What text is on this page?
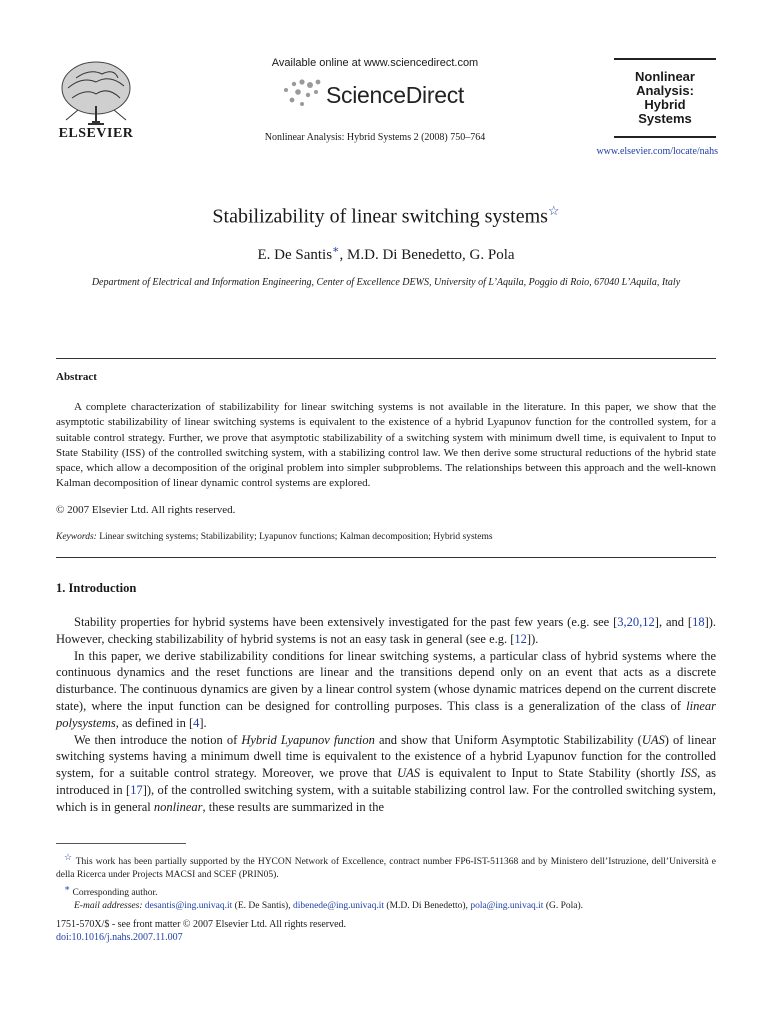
ELSEVIER
Available online at www.sciencedirect.com
ScienceDirect
Nonlinear Analysis: Hybrid Systems 2 (2008) 750–764
Nonlinear
Analysis:
Hybrid
Systems
www.elsevier.com/locate/nahs
Stabilizability of linear switching systems☆
E. De Santis∗, M.D. Di Benedetto, G. Pola
Department of Electrical and Information Engineering, Center of Excellence DEWS, University of L’Aquila, Poggio di Roio, 67040 L’Aquila, Italy
Abstract
A complete characterization of stabilizability for linear switching systems is not available in the literature. In this paper, we show that the asymptotic stabilizability of linear switching systems is equivalent to the existence of a hybrid Lyapunov function for the controlled system, for a suitable control strategy. Further, we prove that asymptotic stabilizability of a switching system with minimum dwell time, is equivalent to Input to State Stability (ISS) of the controlled switching system, with a stabilizing control law. We then derive some structural reductions of the hybrid state space, which allow a decomposition of the original problem into simpler subproblems. The relationships between this approach and the well-known Kalman decomposition of linear dynamic control systems are explored.
© 2007 Elsevier Ltd. All rights reserved.
Keywords: Linear switching systems; Stabilizability; Lyapunov functions; Kalman decomposition; Hybrid systems
1. Introduction

Stability properties for hybrid systems have been extensively investigated for the past few years (e.g. see [3,20,12], and [18]). However, checking stabilizability of hybrid systems is not an easy task in general (see e.g. [12]).

In this paper, we derive stabilizability conditions for linear switching systems, a particular class of hybrid systems where the continuous dynamics and the reset functions are linear and the transitions depend only on an event that acts as a discrete disturbance. The continuous dynamics are given by a linear control system (whose dynamic matrices depend on the current discrete state), where the input function can be designed for controlling purposes. This class is a generalization of the class of linear polysystems, as defined in [4].

We then introduce the notion of Hybrid Lyapunov function and show that Uniform Asymptotic Stabilizability (UAS) of linear switching systems having a minimum dwell time is equivalent to the existence of a hybrid Lyapunov function for the controlled system, for a suitable control strategy. Moreover, we prove that UAS is equivalent to Input to State Stability (shortly ISS, as introduced in [17]), of the controlled switching system, with a suitable stabilizing control law. For the controlled switching system, which is in general nonlinear, these results are summarized in the

☆ This work has been partially supported by the HYCON Network of Excellence, contract number FP6-IST-511368 and by Ministero dell’Istruzione, dell’Università e della Ricerca under Projects MACSI and SCEF (PRIN05).

∗ Corresponding author.

E-mail addresses: desantis@ing.univaq.it (E. De Santis), dibenede@ing.univaq.it (M.D. Di Benedetto), pola@ing.univaq.it (G. Pola).

1751-570X/$ - see front matter © 2007 Elsevier Ltd. All rights reserved.
doi:10.1016/j.nahs.2007.11.007
